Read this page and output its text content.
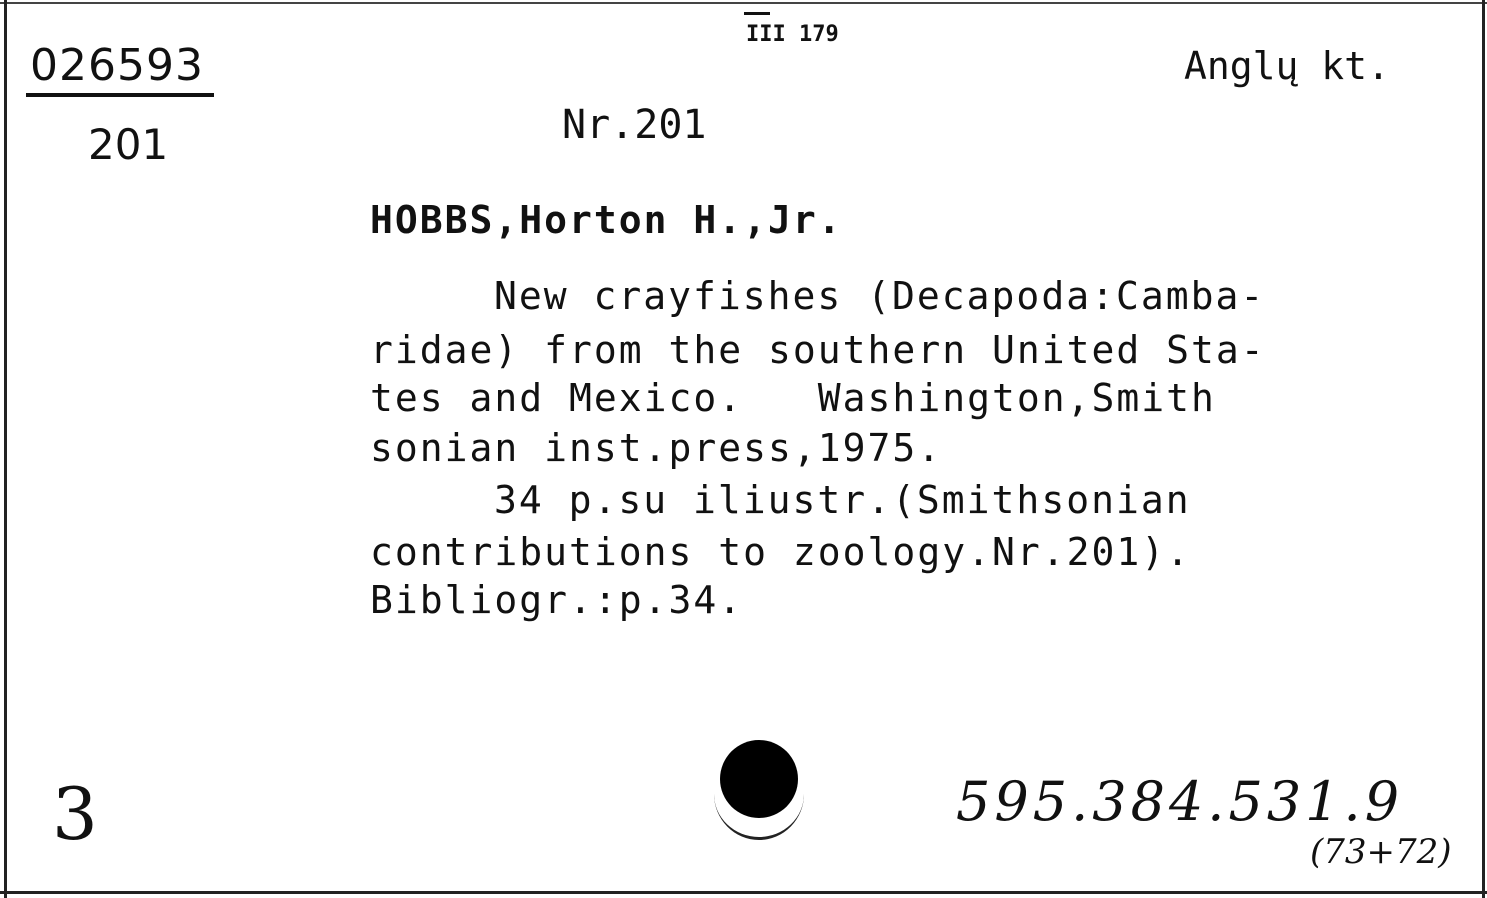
026593
201
III 179
Anglų kt.
Nr.201
HOBBS,Horton H.,Jr.
New crayfishes (Decapoda:Camba-
ridae) from the southern United Sta-
tes and Mexico.   Washington,Smith
sonian inst.press,1975.
34 p.su iliustr.(Smithsonian
contributions to zoology.Nr.201).
Bibliogr.:p.34.
3	595.384.531.9
(73+72)
